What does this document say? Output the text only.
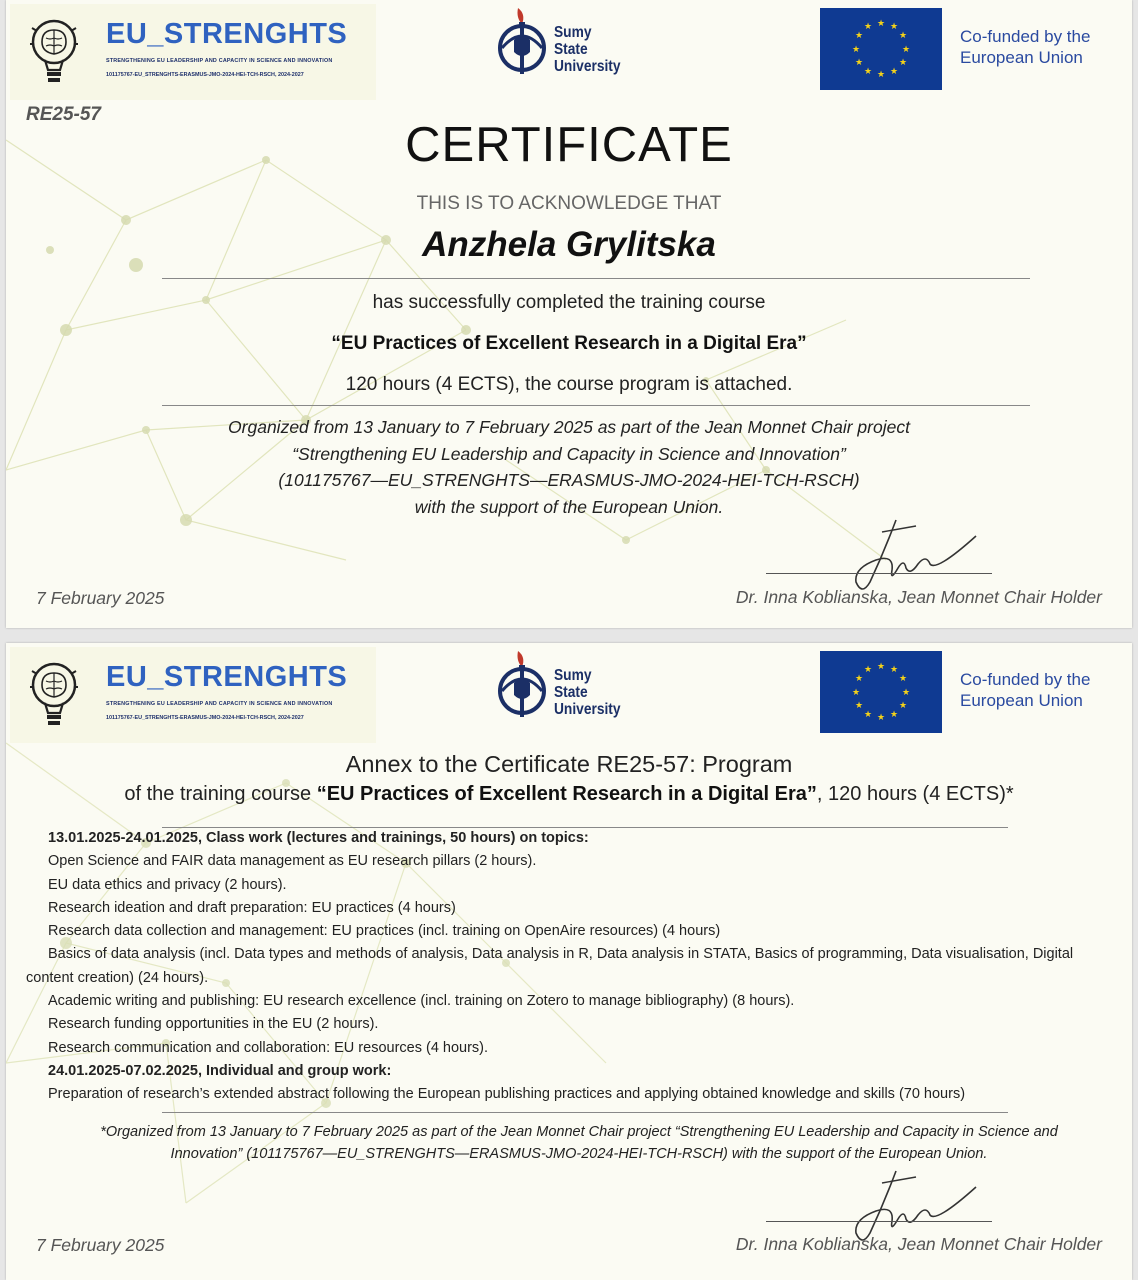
EU_STRENGHTS
STRENGTHENING EU LEADERSHIP AND CAPACITY IN SCIENCE AND INNOVATION
101175767-EU_STRENGHTS-ERASMUS-JMO-2024-HEI-TCH-RSCH, 2024-2027
Sumy
State
University
★ ★
★
★
★
★
★
★
★
★
★
★	Co-funded by the
European Union
RE25-57
CERTIFICATE
THIS IS TO ACKNOWLEDGE THAT
Anzhela Grylitska
has successfully completed the training course
“EU Practices of Excellent Research in a Digital Era”
120 hours (4 ECTS), the course program is attached.
Organized from 13 January to 7 February 2025 as part of the Jean Monnet Chair project
“Strengthening EU Leadership and Capacity in Science and Innovation”
(101175767—EU_STRENGHTS—ERASMUS-JMO-2024-HEI-TCH-RSCH)
with the support of the European Union.
7 February 2025	Dr. Inna Koblianska, Jean Monnet Chair Holder
EU_STRENGHTS
STRENGTHENING EU LEADERSHIP AND CAPACITY IN SCIENCE AND INNOVATION
101175767-EU_STRENGHTS-ERASMUS-JMO-2024-HEI-TCH-RSCH, 2024-2027
Sumy
State
University
★ ★
★
★
★
★
★
★
★
★
★
★	Co-funded by the
European Union
Annex to the Certificate RE25-57: Program
of the training course “EU Practices of Excellent Research in a Digital Era”, 120 hours (4 ECTS)*
13.01.2025-24.01.2025, Class work (lectures and trainings, 50 hours) on topics:
Open Science and FAIR data management as EU research pillars (2 hours).
EU data ethics and privacy (2 hours).
Research ideation and draft preparation: EU practices (4 hours)
Research data collection and management: EU practices (incl. training on OpenAire resources) (4 hours)
Basics of data analysis (incl. Data types and methods of analysis, Data analysis in R, Data analysis in STATA, Basics of programming, Data visualisation, Digital content creation) (24 hours).
Academic writing and publishing: EU research excellence (incl. training on Zotero to manage bibliography) (8 hours).
Research funding opportunities in the EU (2 hours).
Research communication and collaboration: EU resources (4 hours).
24.01.2025-07.02.2025, Individual and group work:
Preparation of research’s extended abstract following the European publishing practices and applying obtained knowledge and skills (70 hours)
*Organized from 13 January to 7 February 2025 as part of the Jean Monnet Chair project “Strengthening EU Leadership and Capacity in Science and Innovation” (101175767—EU_STRENGHTS—ERASMUS-JMO-2024-HEI-TCH-RSCH) with the support of the European Union.
7 February 2025	Dr. Inna Koblianska, Jean Monnet Chair Holder
